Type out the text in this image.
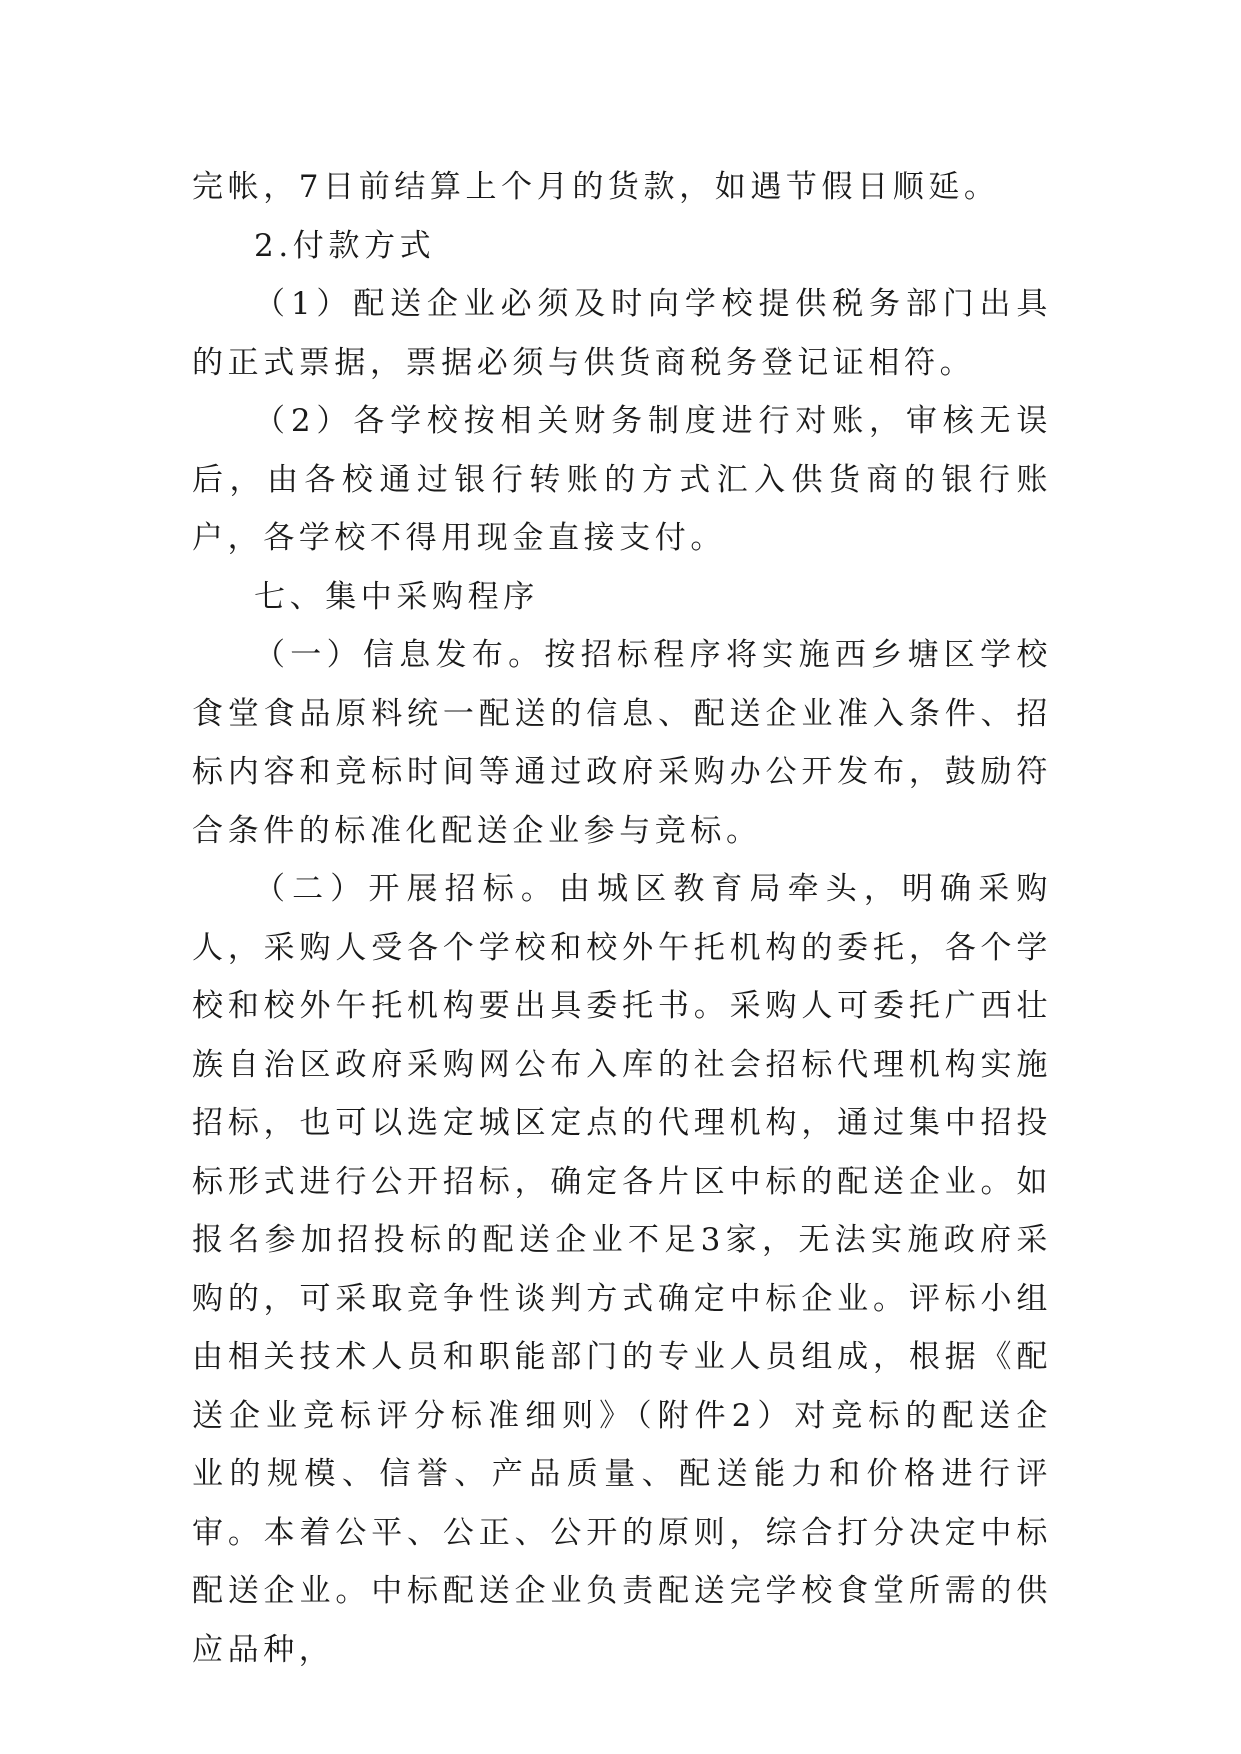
完帐，7日前结算上个月的货款，如遇节假日顺延。

2.付款方式

（1）配送企业必须及时向学校提供税务部门出具的正式票据，票据必须与供货商税务登记证相符。

（2）各学校按相关财务制度进行对账，审核无误后，由各校通过银行转账的方式汇入供货商的银行账户，各学校不得用现金直接支付。

七、集中采购程序

（一）信息发布。按招标程序将实施西乡塘区学校食堂食品原料统一配送的信息、配送企业准入条件、招标内容和竞标时间等通过政府采购办公开发布，鼓励符合条件的标准化配送企业参与竞标。

（二）开展招标。由城区教育局牵头，明确采购人，采购人受各个学校和校外午托机构的委托，各个学校和校外午托机构要出具委托书。采购人可委托广西壮族自治区政府采购网公布入库的社会招标代理机构实施招标，也可以选定城区定点的代理机构，通过集中招投标形式进行公开招标，确定各片区中标的配送企业。如报名参加招投标的配送企业不足3家，无法实施政府采购的，可采取竞争性谈判方式确定中标企业。评标小组由相关技术人员和职能部门的专业人员组成，根据《配送企业竞标评分标准细则》（附件2）对竞标的配送企业的规模、信誉、产品质量、配送能力和价格进行评审。本着公平、公正、公开的原则，综合打分决定中标配送企业。中标配送企业负责配送完学校食堂所需的供应品种，
